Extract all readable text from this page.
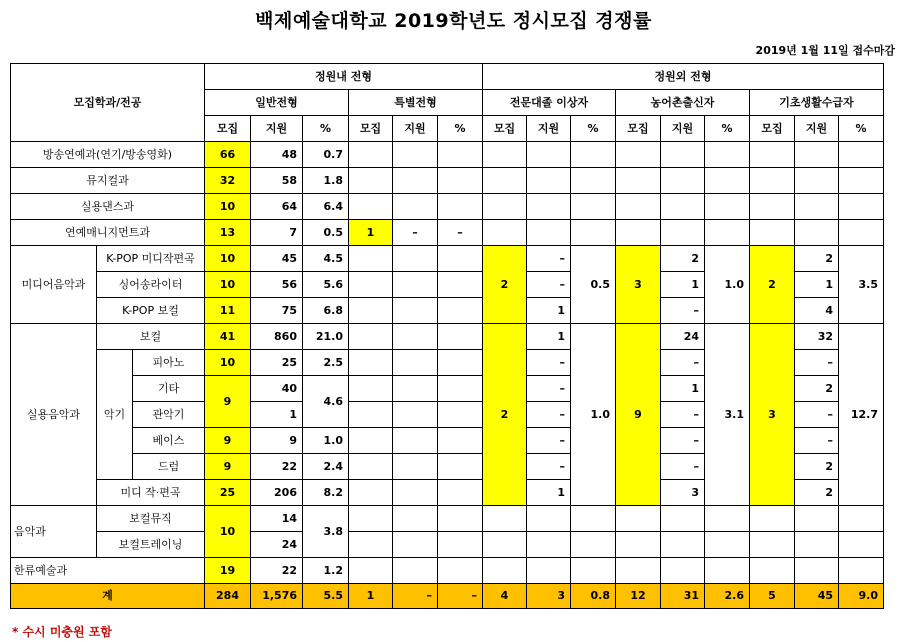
백제예술대학교 2019학년도 정시모집 경쟁률
2019년 1월 11일 접수마감
모집학과/전공			정원내 전형						정원외 전형								
			일반전형			특별전형			전문대졸 이상자			농어촌출신자			기초생활수급자		
			모집	지원	%	모집	지원	%	모집	지원	%	모집	지원	%	모집	지원	%
방송연예과(연기/방송영화)			66	48	0.7												
뮤지컬과			32	58	1.8												
실용댄스과			10	64	6.4												
연예매니지먼트과			13	7	0.5	1	–	–									
미디어음악과	K-POP 미디작편곡		10	45	4.5				2	–	0.5	3	2	1.0	2	2	3.5
	싱어송라이터		10	56	5.6					–			1			1	
	K-POP 보컬		11	75	6.8					1			–			4	
실용음악과	보컬		41	860	21.0				2	1	1.0	9	24	3.1	3	32	12.7
	악기	피아노	10	25	2.5					–			–			–	
		기타	9	40	4.6					–			1			2	
		관악기		1						–			–			–	
		베이스	9	9	1.0					–			–			–	
		드럼	9	22	2.4					–			–			2	
	미디 작·편곡		25	206	8.2					1			3			2	
음악과	보컬뮤직		10	14	3.8												
	보컬트레이닝			24													
한류예술과			19	22	1.2												
계			284	1,576	5.5	1	–	–	4	3	0.8	12	31	2.6	5	45	9.0
* 수시 미충원 포함
